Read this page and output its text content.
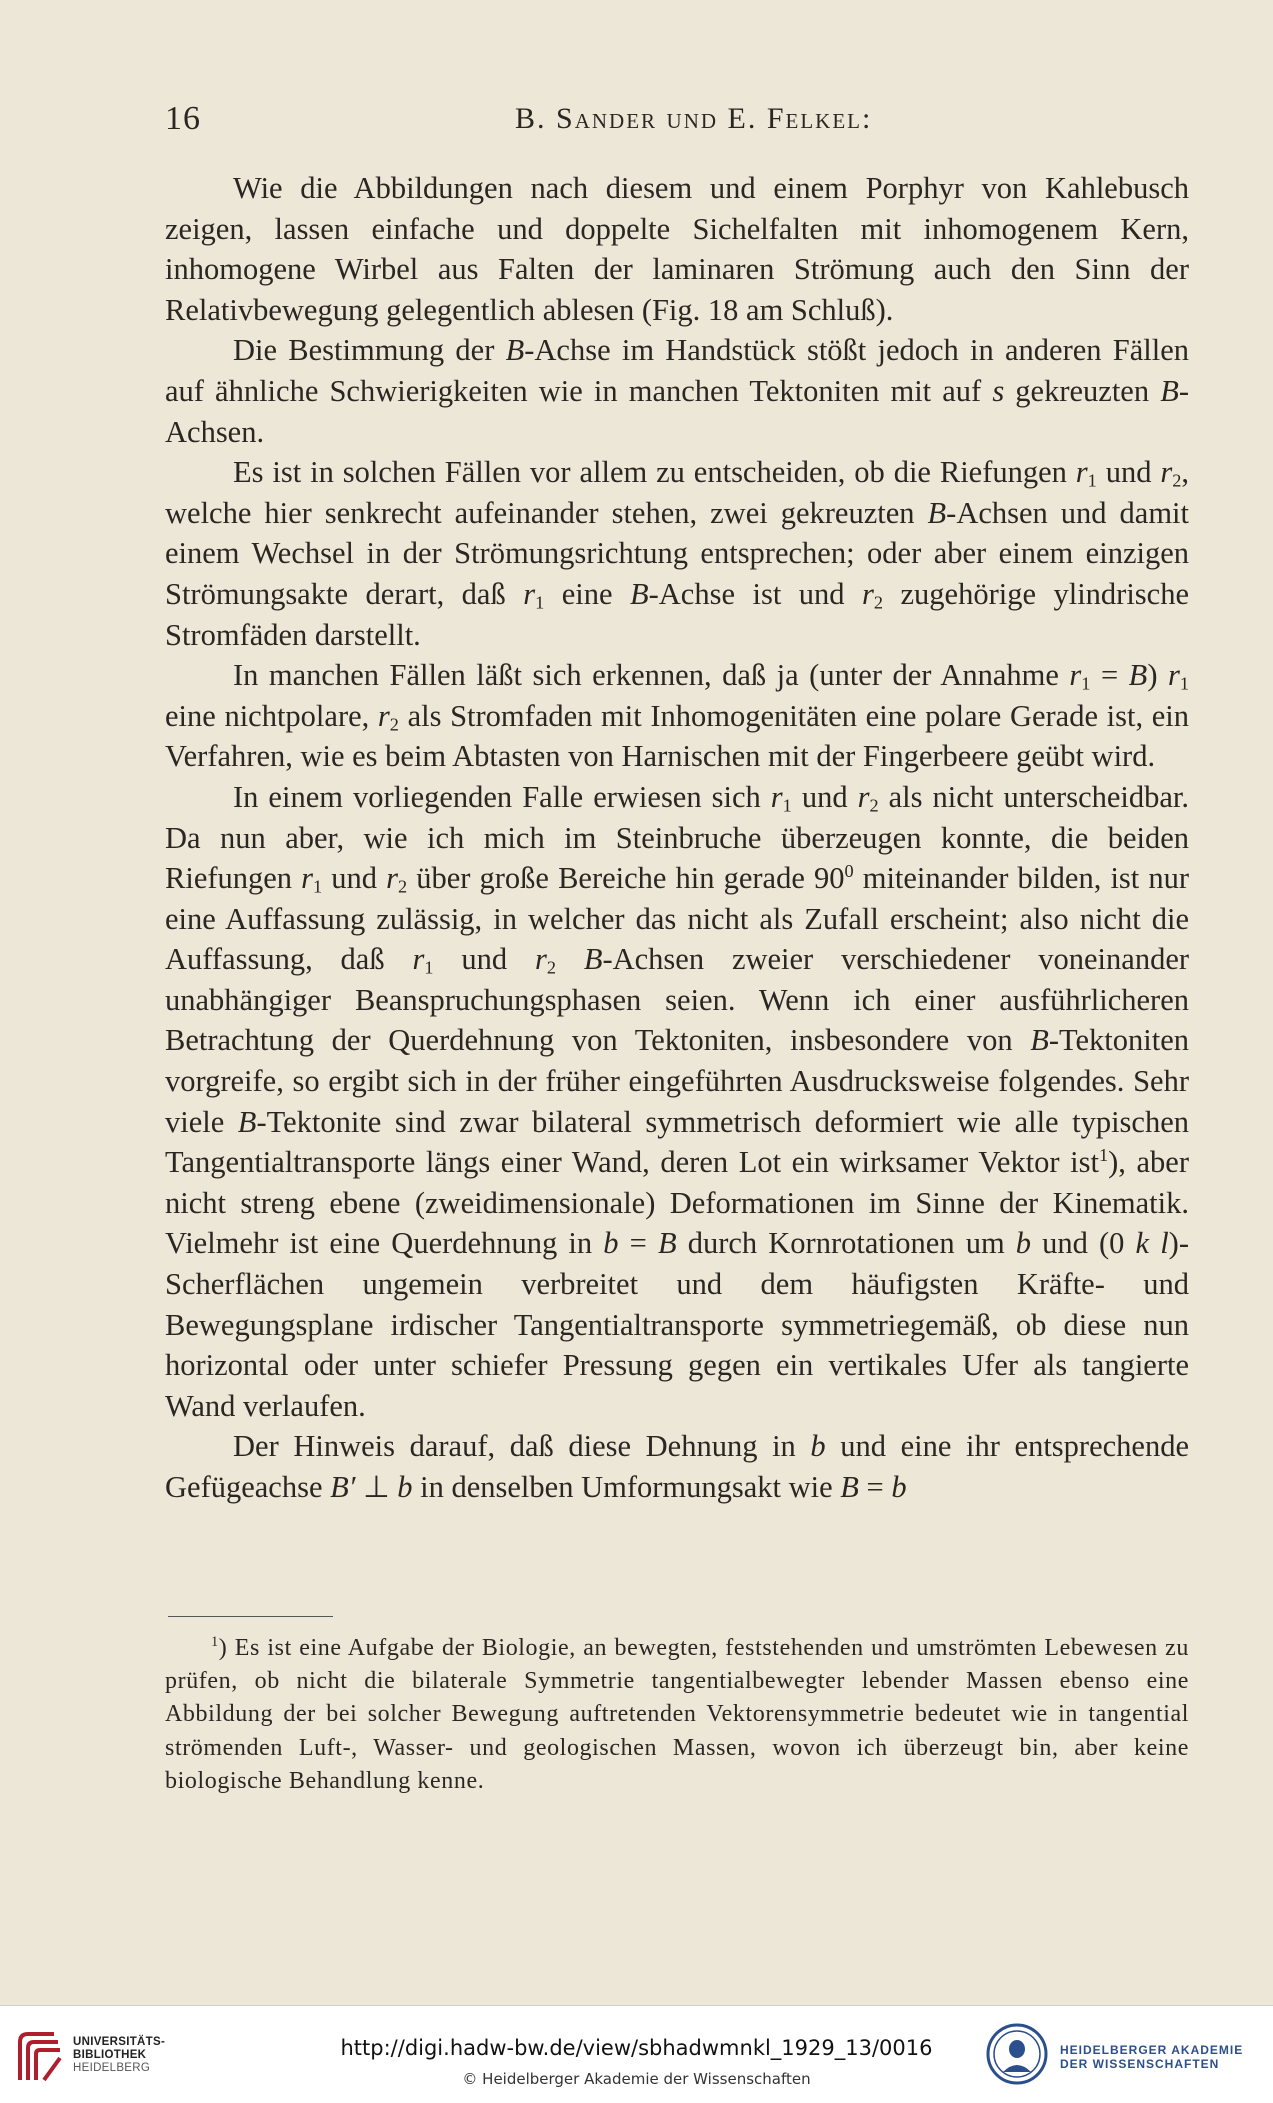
16	B. Sander und E. Felkel:

Wie die Abbildungen nach diesem und einem Porphyr von Kahlebusch zeigen, lassen einfache und doppelte Sichelfalten mit inhomogenem Kern, inhomogene Wirbel aus Falten der laminaren Strömung auch den Sinn der Relativbewegung gelegentlich ablesen (Fig. 18 am Schluß).

Die Bestimmung der B-Achse im Handstück stößt jedoch in anderen Fällen auf ähnliche Schwierigkeiten wie in manchen Tektoniten mit auf s gekreuzten B-Achsen.

Es ist in solchen Fällen vor allem zu entscheiden, ob die Riefungen $r_1$ und $r_2$, welche hier senkrecht aufeinander stehen, zwei gekreuzten B-Achsen und damit einem Wechsel in der Strömungsrichtung entsprechen; oder aber einem einzigen Strömungsakte derart, daß $r_1$ eine B-Achse ist und $r_2$ zugehörige ylindrische Stromfäden darstellt.

In manchen Fällen läßt sich erkennen, daß ja (unter der Annahme $r_1 = B$) $r_1$ eine nichtpolare, $r_2$ als Stromfaden mit Inhomogenitäten eine polare Gerade ist, ein Verfahren, wie es beim Abtasten von Harnischen mit der Fingerbeere geübt wird.

In einem vorliegenden Falle erwiesen sich $r_1$ und $r_2$ als nicht unterscheidbar. Da nun aber, wie ich mich im Steinbruche überzeugen konnte, die beiden Riefungen $r_1$ und $r_2$ über große Bereiche hin gerade $90^0$ miteinander bilden, ist nur eine Auffassung zulässig, in welcher das nicht als Zufall erscheint; also nicht die Auffassung, daß $r_1$ und $r_2$ B-Achsen zweier verschiedener voneinander unabhängiger Beanspruchungsphasen seien. Wenn ich einer ausführlicheren Betrachtung der Querdehnung von Tektoniten, insbesondere von B-Tektoniten vorgreife, so ergibt sich in der früher eingeführten Ausdrucksweise folgendes. Sehr viele B-Tektonite sind zwar bilateral symmetrisch deformiert wie alle typischen Tangentialtransporte längs einer Wand, deren Lot ein wirksamer Vektor ist$^1$), aber nicht streng ebene (zweidimensionale) Deformationen im Sinne der Kinematik. Vielmehr ist eine Querdehnung in b = B durch Kornrotationen um b und (0 k l)-Scherflächen ungemein verbreitet und dem häufigsten Kräfte- und Bewegungsplane irdischer Tangentialtransporte symmetriegemäß, ob diese nun horizontal oder unter schiefer Pressung gegen ein vertikales Ufer als tangierte Wand verlaufen.

Der Hinweis darauf, daß diese Dehnung in b und eine ihr entsprechende Gefügeachse B′ ⊥ b in denselben Umformungsakt wie B = b

$^1$) Es ist eine Aufgabe der Biologie, an bewegten, feststehenden und umströmten Lebewesen zu prüfen, ob nicht die bilaterale Symmetrie tangentialbewegter lebender Massen ebenso eine Abbildung der bei solcher Bewegung auftretenden Vektorensymmetrie bedeutet wie in tangential strömenden Luft-, Wasser- und geologischen Massen, wovon ich überzeugt bin, aber keine biologische Behandlung kenne.

UNIVERSITÄTS-
BIBLIOTHEK
HEIDELBERG
http://digi.hadw-bw.de/view/sbhadwmnkl_1929_13/0016
© Heidelberger Akademie der Wissenschaften
HEIDELBERGER AKADEMIE
DER WISSENSCHAFTEN
